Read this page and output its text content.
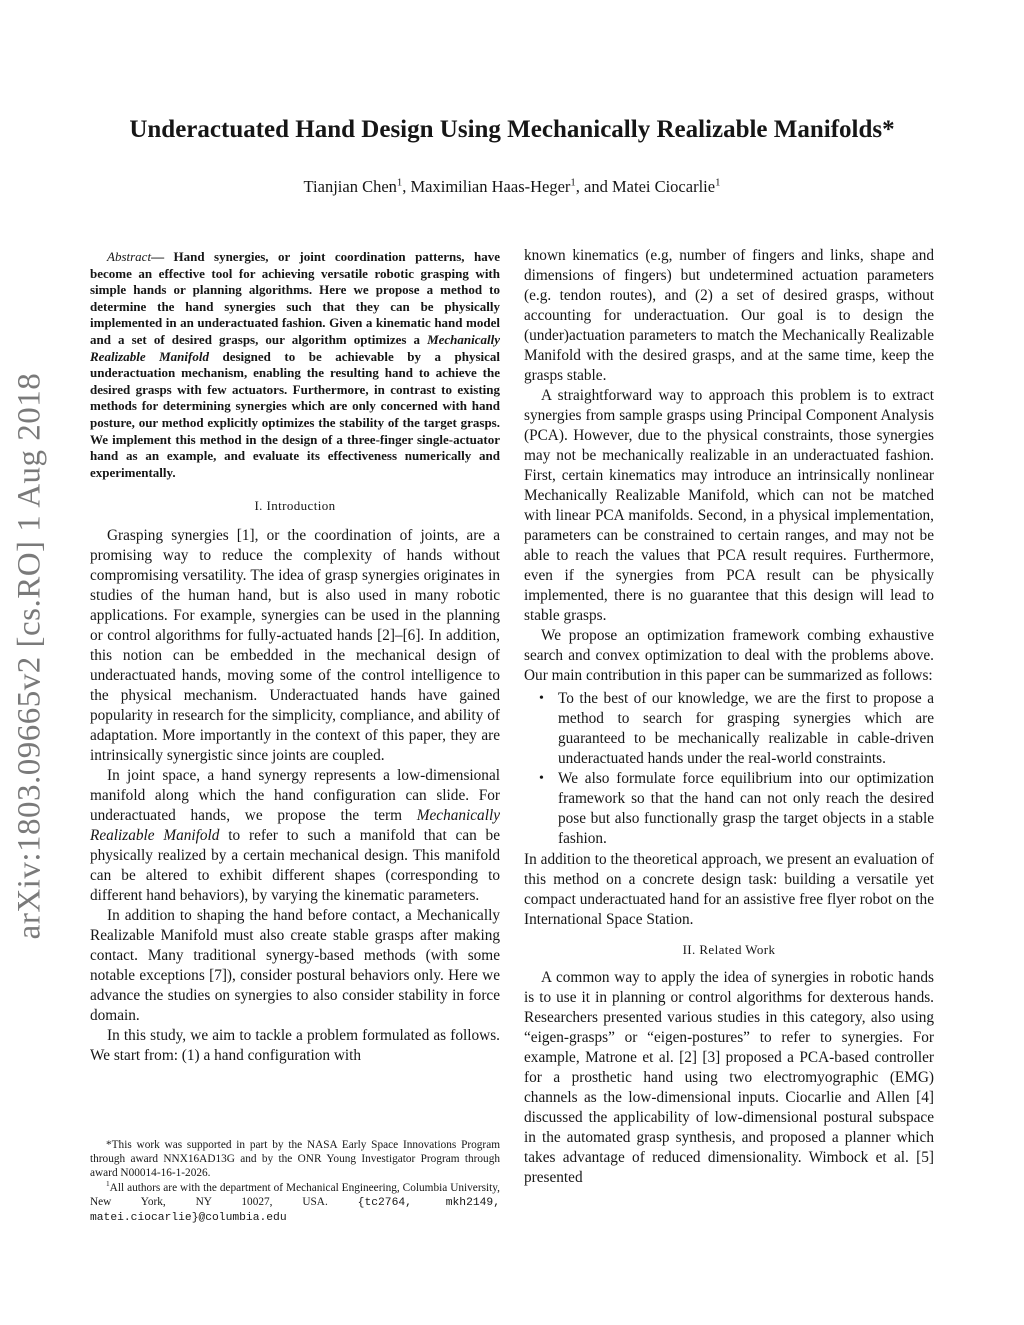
arXiv:1803.09665v2 [cs.RO] 1 Aug 2018
Underactuated Hand Design Using Mechanically Realizable Manifolds*
Tianjian Chen$^1$, Maximilian Haas-Heger$^1$, and Matei Ciocarlie$^1$

Abstract— Hand synergies, or joint coordination patterns, have become an effective tool for achieving versatile robotic grasping with simple hands or planning algorithms. Here we propose a method to determine the hand synergies such that they can be physically implemented in an underactuated fashion. Given a kinematic hand model and a set of desired grasps, our algorithm optimizes a Mechanically Realizable Manifold designed to be achievable by a physical underactuation mechanism, enabling the resulting hand to achieve the desired grasps with few actuators. Furthermore, in contrast to existing methods for determining synergies which are only concerned with hand posture, our method explicitly optimizes the stability of the target grasps. We implement this method in the design of a three-finger single-actuator hand as an example, and evaluate its effectiveness numerically and experimentally.

I. Introduction

Grasping synergies [1], or the coordination of joints, are a promising way to reduce the complexity of hands without compromising versatility. The idea of grasp synergies originates in studies of the human hand, but is also used in many robotic applications. For example, synergies can be used in the planning or control algorithms for fully-actuated hands [2]–[6]. In addition, this notion can be embedded in the mechanical design of underactuated hands, moving some of the control intelligence to the physical mechanism. Underactuated hands have gained popularity in research for the simplicity, compliance, and ability of adaptation. More importantly in the context of this paper, they are intrinsically synergistic since joints are coupled.

In joint space, a hand synergy represents a low-dimensional manifold along which the hand configuration can slide. For underactuated hands, we propose the term Mechanically Realizable Manifold to refer to such a manifold that can be physically realized by a certain mechanical design. This manifold can be altered to exhibit different shapes (corresponding to different hand behaviors), by varying the kinematic parameters.

In addition to shaping the hand before contact, a Mechanically Realizable Manifold must also create stable grasps after making contact. Many traditional synergy-based methods (with some notable exceptions [7]), consider postural behaviors only. Here we advance the studies on synergies to also consider stability in force domain.

In this study, we aim to tackle a problem formulated as follows. We start from: (1) a hand configuration with

*This work was supported in part by the NASA Early Space Innovations Program through award NNX16AD13G and by the ONR Young Investigator Program through award N00014-16-1-2026.

$^1$All authors are with the department of Mechanical Engineering, Columbia University, New York, NY 10027, USA. {tc2764, mkh2149, matei.ciocarlie}@columbia.edu

known kinematics (e.g, number of fingers and links, shape and dimensions of fingers) but undetermined actuation parameters (e.g. tendon routes), and (2) a set of desired grasps, without accounting for underactuation. Our goal is to design the (under)actuation parameters to match the Mechanically Realizable Manifold with the desired grasps, and at the same time, keep the grasps stable.

A straightforward way to approach this problem is to extract synergies from sample grasps using Principal Component Analysis (PCA). However, due to the physical constraints, those synergies may not be mechanically realizable in an underactuated fashion. First, certain kinematics may introduce an intrinsically nonlinear Mechanically Realizable Manifold, which can not be matched with linear PCA manifolds. Second, in a physical implementation, parameters can be constrained to certain ranges, and may not be able to reach the values that PCA result requires. Furthermore, even if the synergies from PCA result can be physically implemented, there is no guarantee that this design will lead to stable grasps.

We propose an optimization framework combing exhaustive search and convex optimization to deal with the problems above. Our main contribution in this paper can be summarized as follows:

• To the best of our knowledge, we are the first to propose a method to search for grasping synergies which are guaranteed to be mechanically realizable in cable-driven underactuated hands under the real-world constraints.
• We also formulate force equilibrium into our optimization framework so that the hand can not only reach the desired pose but also functionally grasp the target objects in a stable fashion.

In addition to the theoretical approach, we present an evaluation of this method on a concrete design task: building a versatile yet compact underactuated hand for an assistive free flyer robot on the International Space Station.

II. Related Work

A common way to apply the idea of synergies in robotic hands is to use it in planning or control algorithms for dexterous hands. Researchers presented various studies in this category, also using “eigen-grasps” or “eigen-postures” to refer to synergies. For example, Matrone et al. [2] [3] proposed a PCA-based controller for a prosthetic hand using two electromyographic (EMG) channels as the low-dimensional inputs. Ciocarlie and Allen [4] discussed the applicability of low-dimensional postural subspace in the automated grasp synthesis, and proposed a planner which takes advantage of reduced dimensionality. Wimbock et al. [5] presented
